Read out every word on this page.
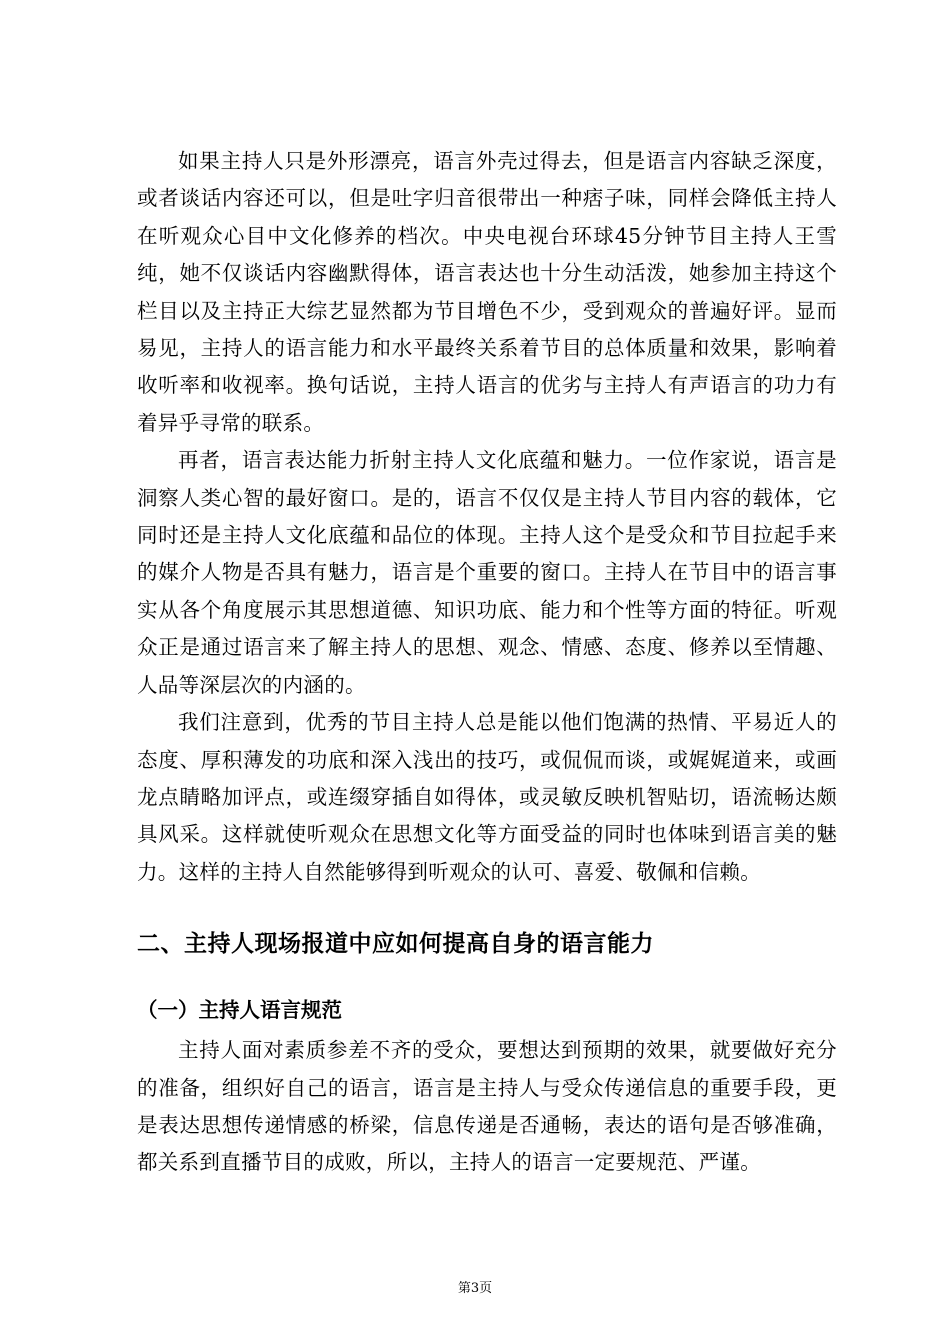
如果主持人只是外形漂亮，语言外壳过得去，但是语言内容缺乏深度，或者谈话内容还可以，但是吐字归音很带出一种痞子味，同样会降低主持人在听观众心目中文化修养的档次。中央电视台环球45分钟节目主持人王雪纯，她不仅谈话内容幽默得体，语言表达也十分生动活泼，她参加主持这个栏目以及主持正大综艺显然都为节目增色不少，受到观众的普遍好评。显而易见，主持人的语言能力和水平最终关系着节目的总体质量和效果，影响着收听率和收视率。换句话说，主持人语言的优劣与主持人有声语言的功力有着异乎寻常的联系。

再者，语言表达能力折射主持人文化底蕴和魅力。一位作家说，语言是洞察人类心智的最好窗口。是的，语言不仅仅是主持人节目内容的载体，它同时还是主持人文化底蕴和品位的体现。主持人这个是受众和节目拉起手来的媒介人物是否具有魅力，语言是个重要的窗口。主持人在节目中的语言事实从各个角度展示其思想道德、知识功底、能力和个性等方面的特征。听观众正是通过语言来了解主持人的思想、观念、情感、态度、修养以至情趣、人品等深层次的内涵的。

我们注意到，优秀的节目主持人总是能以他们饱满的热情、平易近人的态度、厚积薄发的功底和深入浅出的技巧，或侃侃而谈，或娓娓道来，或画龙点睛略加评点，或连缀穿插自如得体，或灵敏反映机智贴切，语流畅达颇具风采。这样就使听观众在思想文化等方面受益的同时也体味到语言美的魅力。这样的主持人自然能够得到听观众的认可、喜爱、敬佩和信赖。

二、主持人现场报道中应如何提高自身的语言能力
（一）主持人语言规范

主持人面对素质参差不齐的受众，要想达到预期的效果，就要做好充分的准备，组织好自己的语言，语言是主持人与受众传递信息的重要手段，更是表达思想传递情感的桥梁，信息传递是否通畅，表达的语句是否够准确，都关系到直播节目的成败，所以，主持人的语言一定要规范、严谨。

第3页
